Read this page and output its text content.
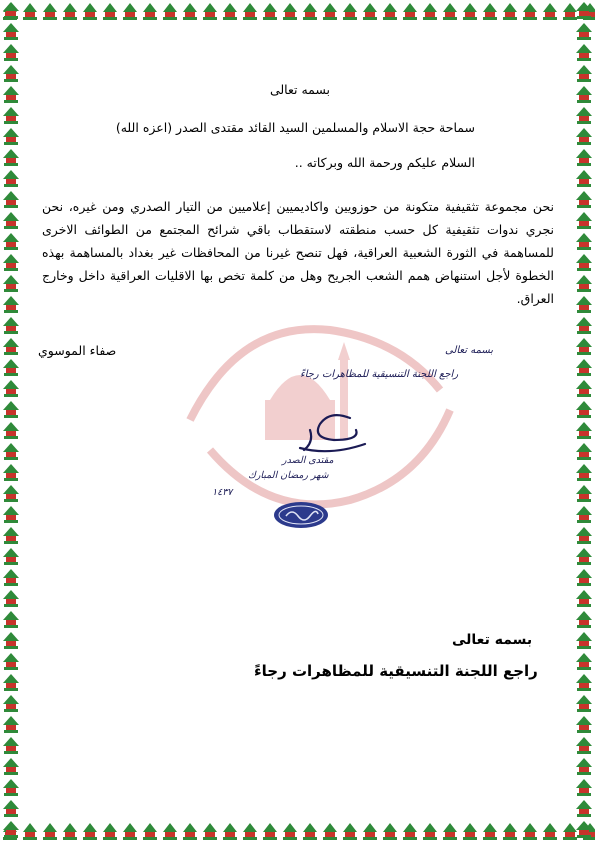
بسمه تعالى
سماحة حجة الاسلام والمسلمين السيد القائد مقتدى الصدر (اعزه الله)
السلام عليكم ورحمة الله وبركاته ..
نحن مجموعة تثقيفية متكونة من حوزويين واكاديميين إعلاميين من التيار الصدري ومن غيره، نحن نجري ندوات تثقيفية كل حسب منطقته لاستقطاب باقي شرائح المجتمع من الطوائف الاخرى للمساهمة في الثورة الشعبية العراقية، فهل تنصح غيرنا من المحافظات غير بغداد بالمساهمة بهذه الخطوة لأجل استنهاض همم الشعب الجريح وهل من كلمة تخص بها الاقليات العراقية داخل وخارج العراق.
صفاء الموسوي	بسمه تعالى
راجع اللجنة التنسيقية للمظاهرات رجاءً
مقتدى الصدر
شهر رمضان المبارك
١٤٣٧
بسمه تعالى
راجع اللجنة التنسيقية للمظاهرات رجاءً
